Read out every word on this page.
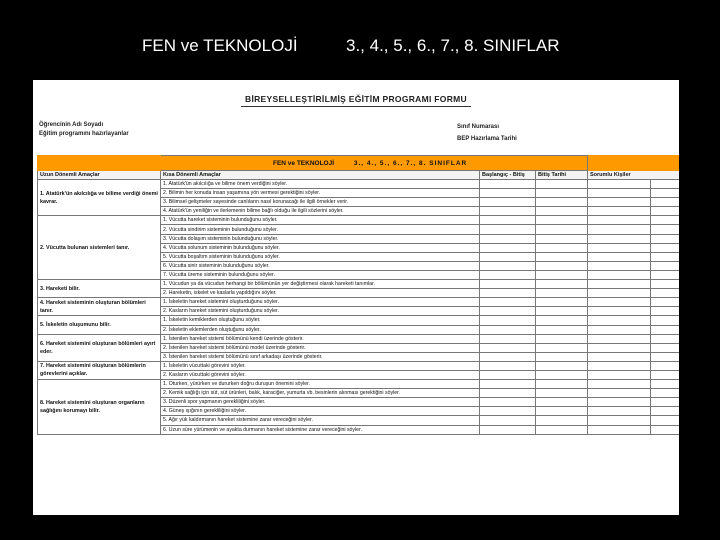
FEN ve TEKNOLOJİ	3., 4., 5., 6., 7., 8. SINIFLAR
BİREYSELLEŞTİRİLMİŞ EĞİTİM PROGRAMI FORMU
Öğrencinin Adı Soyadı
Eğitim programını hazırlayanlar
Sınıf Numarası
BEP Hazırlama Tarihi
	FEN ve TEKNOLOJİ 3., 4., 5., 6., 7., 8. SINIFLAR				
Uzun Dönemli Amaçlar	Kısa Dönemli Amaçlar	Başlangıç - Bitiş	Bitiş Tarihi	Sorumlu Kişiler	
1. Atatürk'ün akılcılığa ve bilime verdiği önemi kavrar.	1. Atatürk'ün akılcılığa ve bilime önem verdiğini söyler.				
	2. Bilimin her konuda insan yaşamına yön vermesi gerektiğini söyler.				
	3. Bilimsel gelişmeler sayesinde canlıların nasıl korunacağı ile ilgili örnekler verir.				
	4. Atatürk'ün yeniliğin ve ilerlemenin bilime bağlı olduğu ile ilgili sözlerini söyler.				
2. Vücutta bulunan sistemleri tanır.	1. Vücutta hareket sisteminin bulunduğunu söyler.				
	2. Vücutta sindirim sisteminin bulunduğunu söyler.				
	3. Vücutta dolaşım sisteminin bulunduğunu söyler.				
	4. Vücutta solunum sisteminin bulunduğunu söyler.				
	5. Vücutta boşaltım sisteminin bulunduğunu söyler.				
	6. Vücutta sinir sisteminin bulunduğunu söyler.				
	7. Vücutta üreme sisteminin bulunduğunu söyler.				
3. Hareketi bilir.	1. Vücudun ya da vücudun herhangi bir bölümünün yer değiştirmesi olarak hareketi tanımlar.				
	2. Hareketin, iskelet ve kaslarla yapıldığını söyler.				
4. Hareket sisteminin oluşturan bölümleri tanır.	1. İskeletin hareket sistemini oluşturduğunu söyler.				
	2. Kasların hareket sistemini oluşturduğunu söyler.				
5. İskeletin oluşumunu bilir.	1. İskeletin kemiklerden oluştuğunu söyler.				
	2. İskeletin eklemlerden oluştuğunu söyler.				
6. Hareket sistemini oluşturan bölümleri ayırt eder.	1. İstenilen hareket sistemi bölümünü kendi üzerinde gösterir.				
	2. İstenilen hareket sistemi bölümünü model üzerinde gösterir.				
	3. İstenilen hareket sistemi bölümünü sınıf arkadaşı üzerinde gösterir.				
7. Hareket sistemini oluşturan bölümlerin görevlerini açıklar.	1. İskeletin vücuttaki görevini söyler.				
	2. Kasların vücuttaki görevini söyler.				
8. Hareket sistemini oluşturan organların sağlığını korumayı bilir.	1. Oturken, yürürken ve dururken doğru duruşun önemini söyler.				
	2. Kemik sağlığı için süt, süt ürünleri, balık, karaciğer, yumurta vb. besinlerin alınması gerektiğini söyler.				
	3. Düzenli spor yapmanın gerekliliğini söyler.				
	4. Güneş ışığının gerekliliğini söyler.				
	5. Ağır yük kaldırmanın hareket sistemine zarar vereceğini söyler.				
	6. Uzun süre yürümenin ve ayakta durmanın hareket sistemine zarar vereceğini söyler.				
